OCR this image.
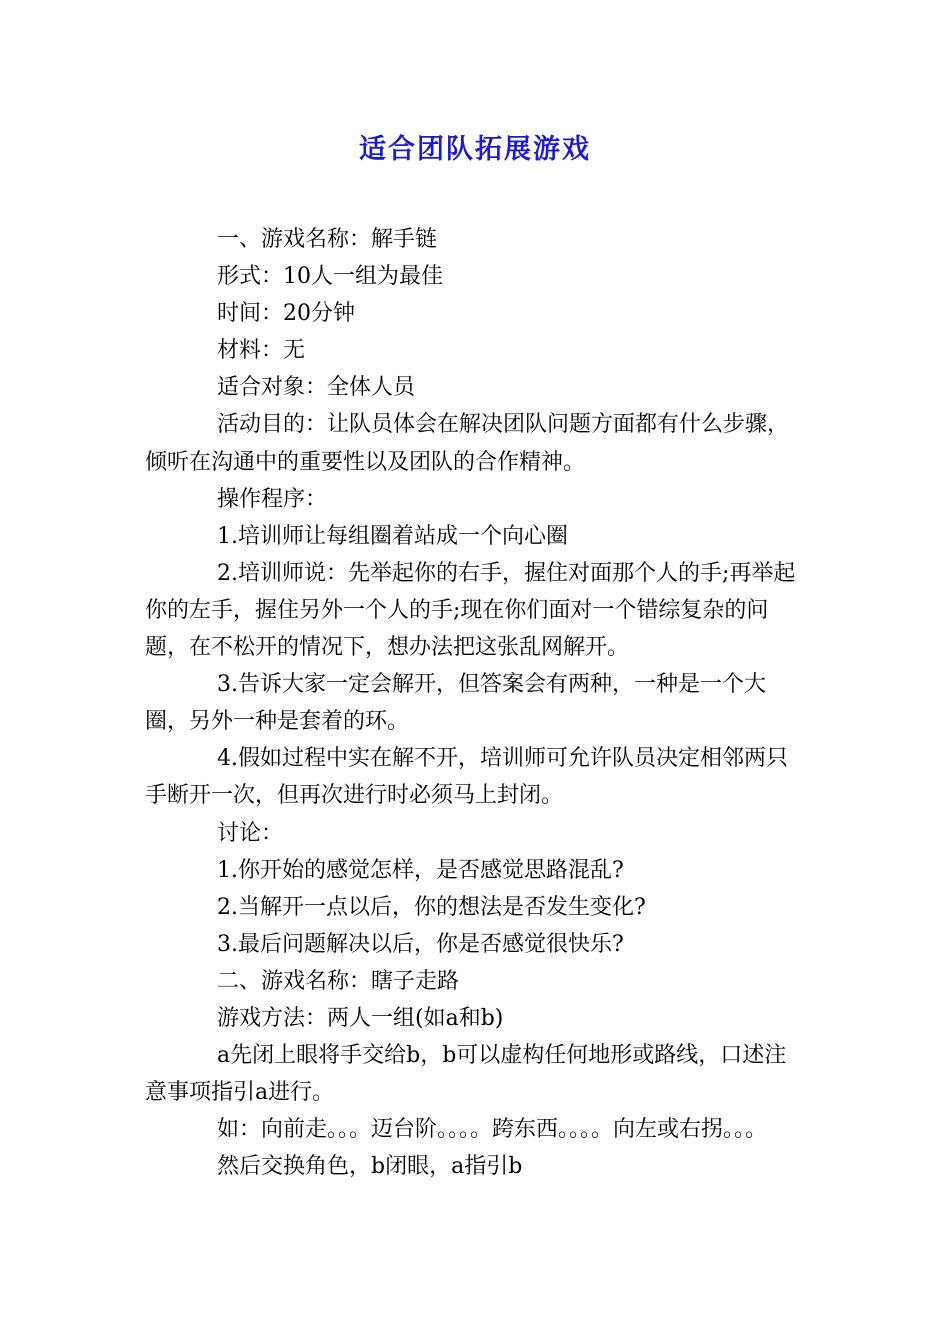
适合团队拓展游戏

一、游戏名称：解手链

形式：10人一组为最佳

时间：20分钟

材料：无

适合对象：全体人员

活动目的：让队员体会在解决团队问题方面都有什么步骤，倾听在沟通中的重要性以及团队的合作精神。

操作程序：

1.培训师让每组圈着站成一个向心圈

2.培训师说：先举起你的右手，握住对面那个人的手;再举起你的左手，握住另外一个人的手;现在你们面对一个错综复杂的问题，在不松开的情况下，想办法把这张乱网解开。

3.告诉大家一定会解开，但答案会有两种，一种是一个大圈，另外一种是套着的环。

4.假如过程中实在解不开，培训师可允许队员决定相邻两只手断开一次，但再次进行时必须马上封闭。

讨论：

1.你开始的感觉怎样，是否感觉思路混乱?

2.当解开一点以后，你的想法是否发生变化?

3.最后问题解决以后，你是否感觉很快乐?

二、游戏名称：瞎子走路

游戏方法：两人一组(如a和b)

a先闭上眼将手交给b，b可以虚构任何地形或路线，口述注意事项指引a进行。

如：向前走。。。迈台阶。。。。跨东西。。。。向左或右拐。。。

然后交换角色，b闭眼，a指引b
